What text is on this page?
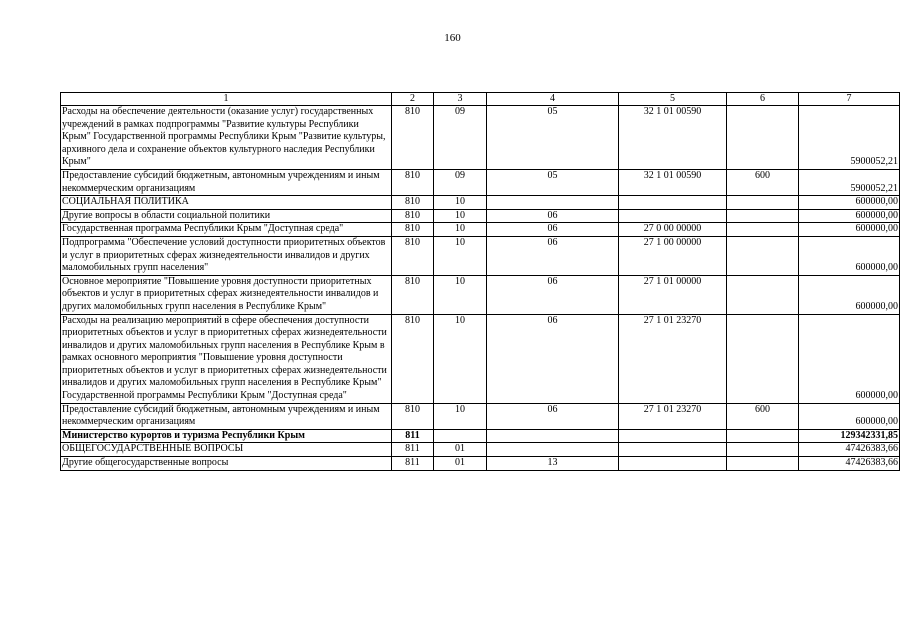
160
1	2	3	4	5	6	7
Расходы на обеспечение деятельности (оказание услуг) государственных учреждений в рамках подпрограммы "Развитие культуры Республики Крым" Государственной программы Республики Крым "Развитие культуры, архивного дела и сохранение объектов культурного наследия Республики Крым"	810	09	05	32 1 01 00590		5900052,21
Предоставление субсидий бюджетным, автономным учреждениям и иным некоммерческим организациям	810	09	05	32 1 01 00590	600	5900052,21
СОЦИАЛЬНАЯ ПОЛИТИКА	810	10				600000,00
Другие вопросы в области социальной политики	810	10	06			600000,00
Государственная программа Республики Крым "Доступная среда"	810	10	06	27 0 00 00000		600000,00
Подпрограмма "Обеспечение условий доступности приоритетных объектов и услуг в приоритетных сферах жизнедеятельности инвалидов и других маломобильных групп населения"	810	10	06	27 1 00 00000		600000,00
Основное мероприятие "Повышение уровня доступности приоритетных объектов и услуг в приоритетных сферах жизнедеятельности инвалидов и других маломобильных групп населения в Республике Крым"	810	10	06	27 1 01 00000		600000,00
Расходы на реализацию мероприятий в сфере обеспечения доступности приоритетных объектов и услуг в приоритетных сферах жизнедеятельности инвалидов и других маломобильных групп населения в Республике Крым в рамках основного мероприятия "Повышение уровня доступности приоритетных объектов и услуг в приоритетных сферах жизнедеятельности инвалидов и других маломобильных групп населения в Республике Крым" Государственной программы Республики Крым "Доступная среда"	810	10	06	27 1 01 23270		600000,00
Предоставление субсидий бюджетным, автономным учреждениям и иным некоммерческим организациям	810	10	06	27 1 01 23270	600	600000,00
Министерство курортов и туризма Республики Крым	811					129342331,85
ОБЩЕГОСУДАРСТВЕННЫЕ ВОПРОСЫ	811	01				47426383,66
Другие общегосударственные вопросы	811	01	13			47426383,66
